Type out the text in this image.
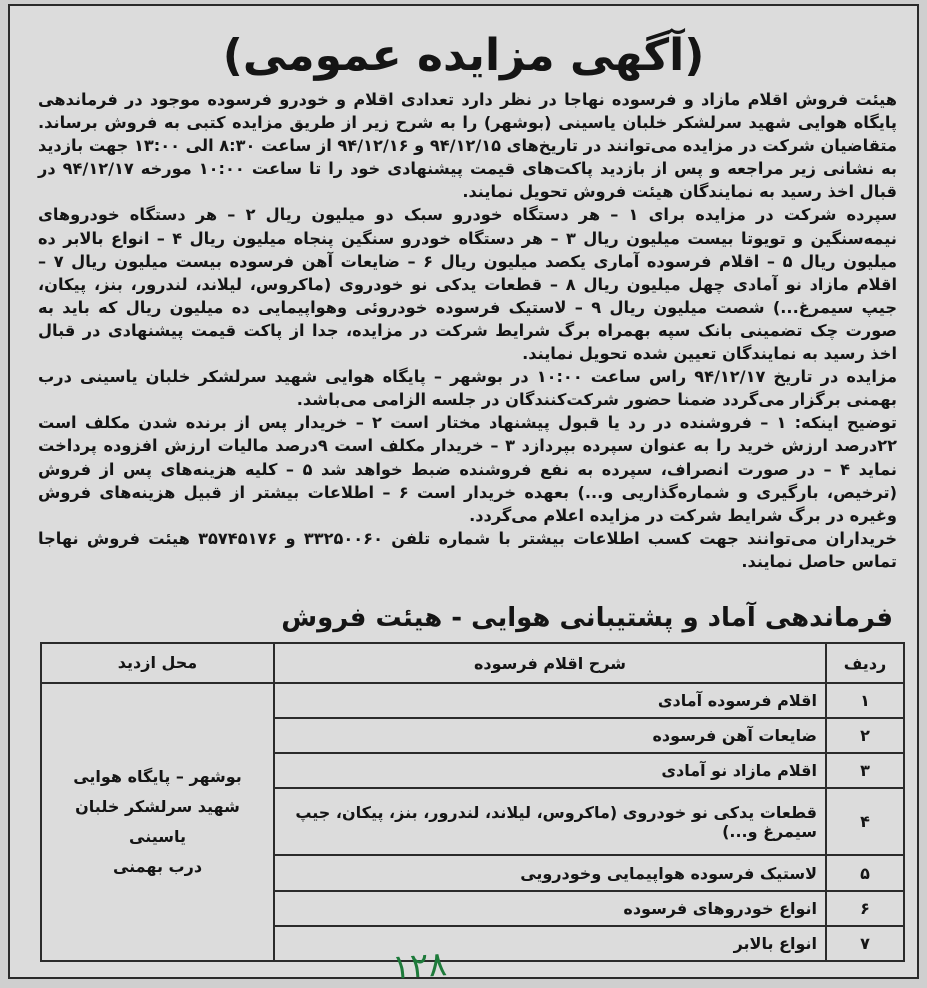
(آگهی مزایده عمومی)

هیئت فروش اقلام مازاد و فرسوده نهاجا در نظر دارد تعدادی اقلام و خودرو فرسوده موجود در فرماندهی پایگاه هوایی شهید سرلشکر خلبان یاسینی (بوشهر) را به شرح زیر از طریق مزایده کتبی به فروش برساند. متقاضیان شرکت در مزایده می‌توانند در تاریخ‌های ۹۴/۱۲/۱۵ و ۹۴/۱۲/۱۶ از ساعت ۸:۳۰ الی ۱۳:۰۰ جهت بازدید به نشانی زیر مراجعه و پس از بازدید پاکت‌های قیمت پیشنهادی خود را تا ساعت ۱۰:۰۰ مورخه ۹۴/۱۲/۱۷ در قبال اخذ رسید به نمایندگان هیئت فروش تحویل نمایند.

سپرده شرکت در مزایده برای ۱ – هر دستگاه خودرو سبک دو میلیون ریال ۲ – هر دستگاه خودروهای نیمه‌سنگین و تویوتا بیست میلیون ریال ۳ – هر دستگاه خودرو سنگین پنجاه میلیون ریال ۴ – انواع بالابر ده میلیون ریال ۵ – اقلام فرسوده آماری یکصد میلیون ریال ۶ – ضایعات آهن فرسوده بیست میلیون ریال ۷ – اقلام مازاد نو آمادی چهل میلیون ریال ۸ – قطعات یدکی نو خودروی (ماکروس، لیلاند، لندرور، بنز، پیکان، جیپ سیمرغ...) شصت میلیون ریال ۹ – لاستیک فرسوده خودروئی وهواپیمایی ده میلیون ریال که باید به صورت چک تضمینی بانک سپه بهمراه برگ شرایط شرکت در مزایده، جدا از پاکت قیمت پیشنهادی در قبال اخذ رسید به نمایندگان تعیین شده تحویل نمایند.

مزایده در تاریخ ۹۴/۱۲/۱۷ راس ساعت ۱۰:۰۰ در بوشهر – پایگاه هوایی شهید سرلشکر خلبان یاسینی درب بهمنی برگزار می‌گردد ضمنا حضور شرکت‌کنندگان در جلسه الزامی می‌باشد.

توضیح اینکه: ۱ – فروشنده در رد یا قبول پیشنهاد مختار است ۲ – خریدار پس از برنده شدن مکلف است ۲۲درصد ارزش خرید را به عنوان سپرده بپردازد ۳ – خریدار مکلف است ۹درصد مالیات ارزش افزوده پرداخت نماید ۴ – در صورت انصراف، سپرده به نفع فروشنده ضبط خواهد شد ۵ – کلیه هزینه‌های پس از فروش (ترخیص، بارگیری و شماره‌گذاریی و...) بعهده خریدار است ۶ – اطلاعات بیشتر از قبیل هزینه‌های فروش وغیره در برگ شرایط شرکت در مزایده اعلام می‌گردد.

خریداران می‌توانند جهت کسب اطلاعات بیشتر با شماره تلفن ۳۳۲۵۰۰۶۰ و ۳۵۷۴۵۱۷۶ هیئت فروش نهاجا تماس حاصل نمایند.

فرماندهی آماد و پشتیبانی هوایی - هیئت فروش
ردیف	شرح اقلام فرسوده	محل ازدید
۱	اقلام فرسوده آمادی	بوشهر – پایگاه هوایی
شهید سرلشکر خلبان یاسینی
درب بهمنی

۲	ضایعات آهن فرسوده	
۳	اقلام مازاد نو آمادی	
۴	قطعات یدکی نو خودروی (ماکروس، لیلاند، لندرور، بنز، پیکان، جیپ سیمرغ و...)	
۵	لاستیک فرسوده هواپیمایی وخودرویی	
۶	انواع خودروهای فرسوده	
۷	انواع بالابر	
۱۲۸
